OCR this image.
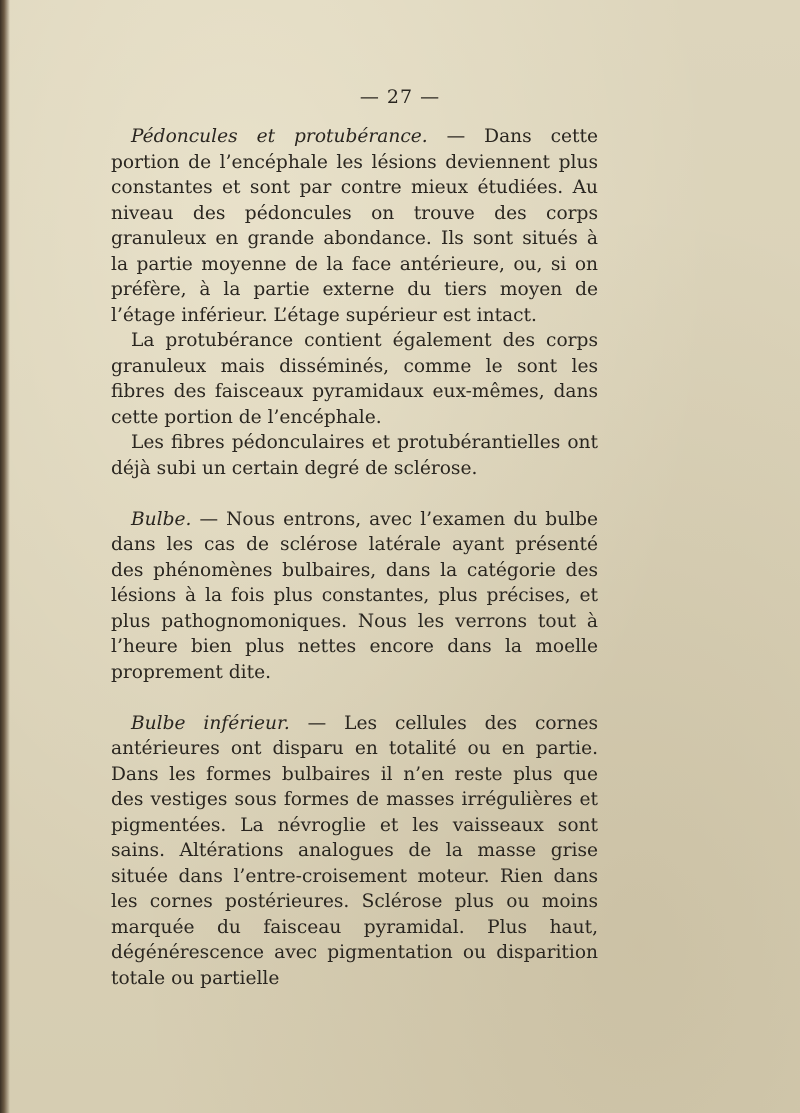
— 27 —

Pédoncules et protubérance. — Dans cette portion de l’encéphale les lésions deviennent plus constantes et sont par contre mieux étudiées. Au niveau des pédoncules on trouve des corps granuleux en grande abondance. Ils sont situés à la partie moyenne de la face antérieure, ou, si on préfère, à la partie externe du tiers moyen de l’étage inférieur. L’étage supérieur est intact.

La protubérance contient également des corps granuleux mais disséminés, comme le sont les fibres des faisceaux pyramidaux eux-mêmes, dans cette portion de l’encéphale.

Les fibres pédonculaires et protubérantielles ont déjà subi un certain degré de sclérose.

Bulbe. — Nous entrons, avec l’examen du bulbe dans les cas de sclérose latérale ayant présenté des phénomènes bulbaires, dans la catégorie des lésions à la fois plus constantes, plus précises, et plus pathognomoniques. Nous les verrons tout à l’heure bien plus nettes encore dans la moelle proprement dite.

Bulbe inférieur. — Les cellules des cornes antérieures ont disparu en totalité ou en partie. Dans les formes bulbaires il n’en reste plus que des vestiges sous formes de masses irrégulières et pigmentées. La névroglie et les vaisseaux sont sains. Altérations analogues de la masse grise située dans l’entre-croisement moteur. Rien dans les cornes postérieures. Sclérose plus ou moins marquée du faisceau pyramidal. Plus haut, dégénérescence avec pigmentation ou disparition totale ou partielle
